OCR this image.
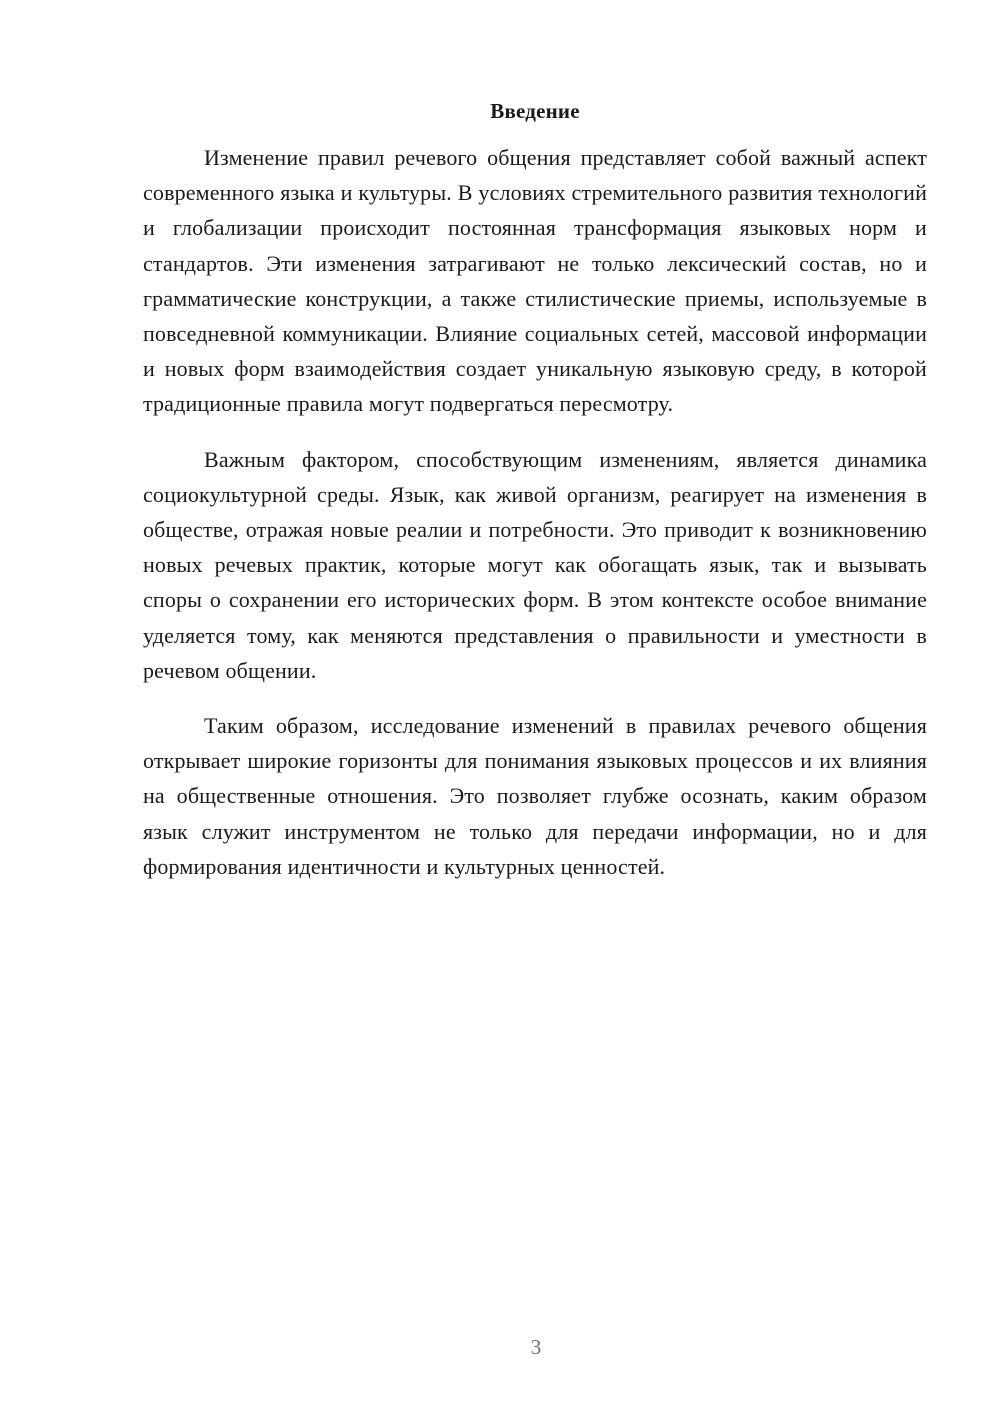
Введение

Изменение правил речевого общения представляет собой важный аспект современного языка и культуры. В условиях стремительного развития технологий и глобализации происходит постоянная трансформация языковых норм и стандартов. Эти изменения затрагивают не только лексический состав, но и грамматические конструкции, а также стилистические приемы, используемые в повседневной коммуникации. Влияние социальных сетей, массовой информации и новых форм взаимодействия создает уникальную языковую среду, в которой традиционные правила могут подвергаться пересмотру.

Важным фактором, способствующим изменениям, является динамика социокультурной среды. Язык, как живой организм, реагирует на изменения в обществе, отражая новые реалии и потребности. Это приводит к возникновению новых речевых практик, которые могут как обогащать язык, так и вызывать споры о сохранении его исторических форм. В этом контексте особое внимание уделяется тому, как меняются представления о правильности и уместности в речевом общении.

Таким образом, исследование изменений в правилах речевого общения открывает широкие горизонты для понимания языковых процессов и их влияния на общественные отношения. Это позволяет глубже осознать, каким образом язык служит инструментом не только для передачи информации, но и для формирования идентичности и культурных ценностей.

3
